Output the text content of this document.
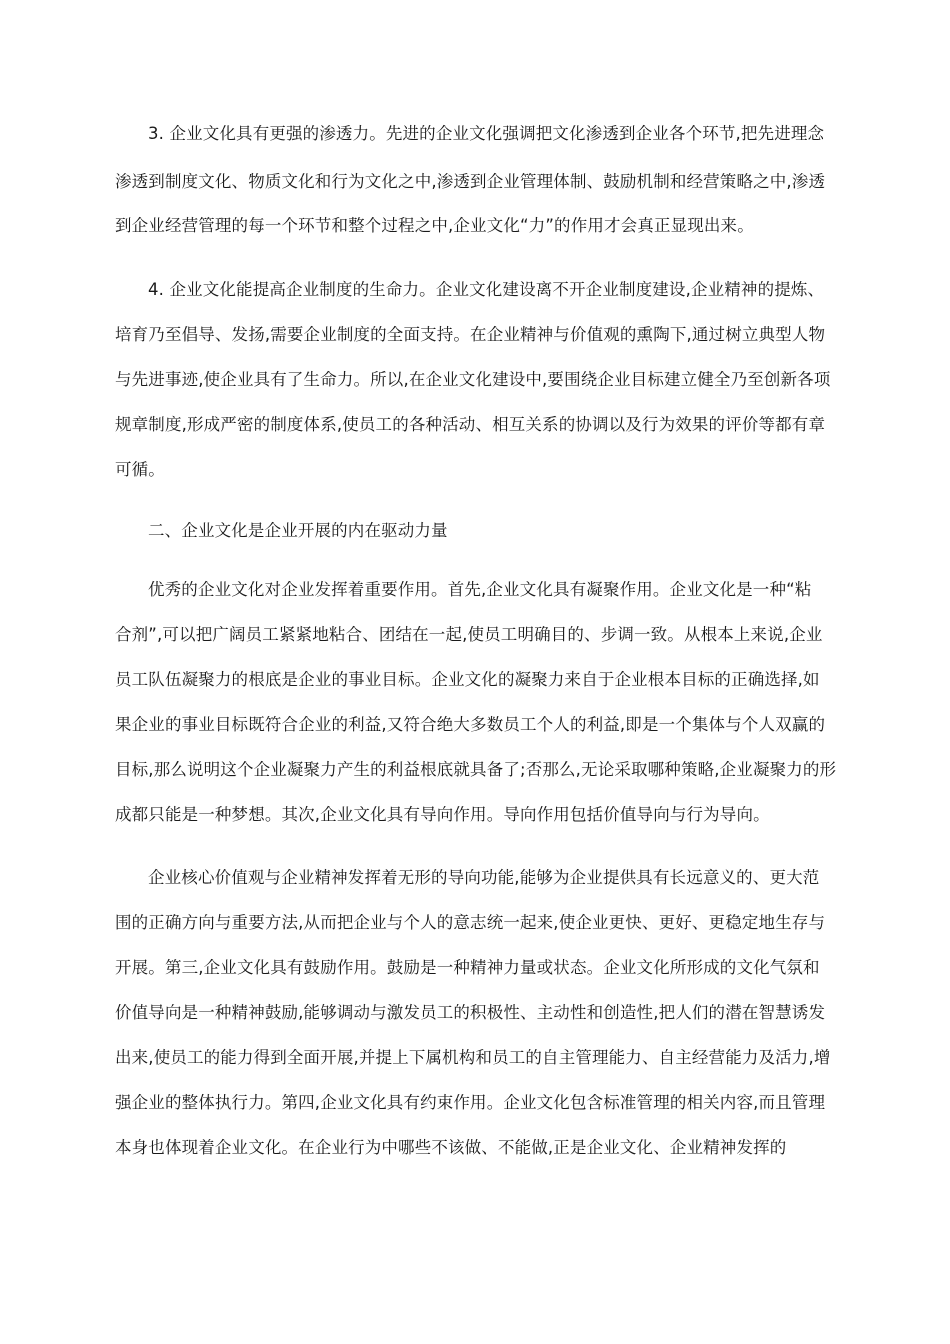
3. 企业文化具有更强的渗透力。先进的企业文化强调把文化渗透到企业各个环节,把先进理念
渗透到制度文化、物质文化和行为文化之中,渗透到企业管理体制、鼓励机制和经营策略之中,渗透
到企业经营管理的每一个环节和整个过程之中,企业文化“力”的作用才会真正显现出来。
4. 企业文化能提高企业制度的生命力。企业文化建设离不开企业制度建设,企业精神的提炼、
培育乃至倡导、发扬,需要企业制度的全面支持。在企业精神与价值观的熏陶下,通过树立典型人物
与先进事迹,使企业具有了生命力。所以,在企业文化建设中,要围绕企业目标建立健全乃至创新各项
规章制度,形成严密的制度体系,使员工的各种活动、相互关系的协调以及行为效果的评价等都有章
可循。
二、企业文化是企业开展的内在驱动力量
优秀的企业文化对企业发挥着重要作用。首先,企业文化具有凝聚作用。企业文化是一种“粘
合剂”,可以把广阔员工紧紧地粘合、团结在一起,使员工明确目的、步调一致。从根本上来说,企业
员工队伍凝聚力的根底是企业的事业目标。企业文化的凝聚力来自于企业根本目标的正确选择,如
果企业的事业目标既符合企业的利益,又符合绝大多数员工个人的利益,即是一个集体与个人双赢的
目标,那么说明这个企业凝聚力产生的利益根底就具备了;否那么,无论采取哪种策略,企业凝聚力的形
成都只能是一种梦想。其次,企业文化具有导向作用。导向作用包括价值导向与行为导向。
企业核心价值观与企业精神发挥着无形的导向功能,能够为企业提供具有长远意义的、更大范
围的正确方向与重要方法,从而把企业与个人的意志统一起来,使企业更快、更好、更稳定地生存与
开展。第三,企业文化具有鼓励作用。鼓励是一种精神力量或状态。企业文化所形成的文化气氛和
价值导向是一种精神鼓励,能够调动与激发员工的积极性、主动性和创造性,把人们的潜在智慧诱发
出来,使员工的能力得到全面开展,并提上下属机构和员工的自主管理能力、自主经营能力及活力,增
强企业的整体执行力。第四,企业文化具有约束作用。企业文化包含标准管理的相关内容,而且管理
本身也体现着企业文化。在企业行为中哪些不该做、不能做,正是企业文化、企业精神发挥的
